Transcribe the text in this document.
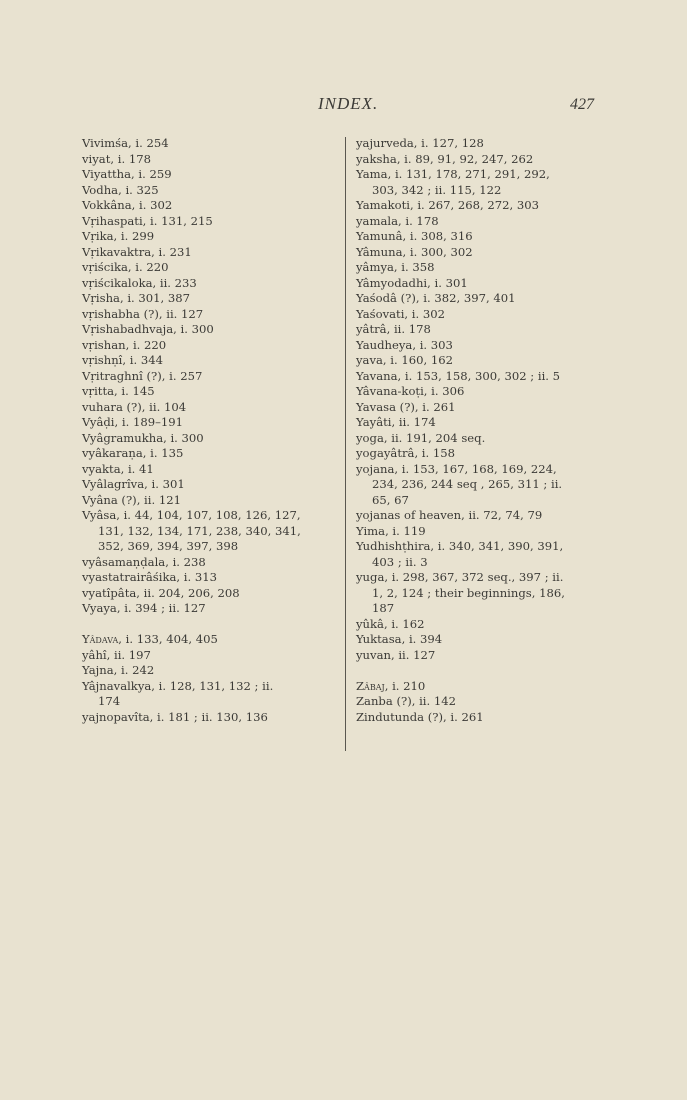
INDEX.	427
Vivimśa, i. 254
viyat, i. 178
Viyattha, i. 259
Vodha, i. 325
Vokkâna, i. 302
Vṛihaspati, i. 131, 215
Vṛika, i. 299
Vṛikavaktra, i. 231
vṛiścika, i. 220
vṛiścikaloka, ii. 233
Vṛisha, i. 301, 387
vṛishabha (?), ii. 127
Vṛishabadhvaja, i. 300
vṛishan, i. 220
vṛishṇî, i. 344
Vṛitraghnî (?), i. 257
vṛitta, i. 145
vuhara (?), ii. 104
Vyâḍi, i. 189–191
Vyâgramukha, i. 300
vyâkaraṇa, i. 135
vyakta, i. 41
Vyâlagrîva, i. 301
Vyâna (?), ii. 121
Vyâsa, i. 44, 104, 107, 108, 126, 127,
131, 132, 134, 171, 238, 340, 341,
352, 369, 394, 397, 398
vyâsamaṇḍala, i. 238
vyastatrairâśika, i. 313
vyatîpâta, ii. 204, 206, 208
Vyaya, i. 394 ; ii. 127
Yâdava, i. 133, 404, 405
yâhî, ii. 197
Yajna, i. 242
Yâjnavalkya, i. 128, 131, 132 ; ii.
174
yajnopavîta, i. 181 ; ii. 130, 136
yajurveda, i. 127, 128
yaksha, i. 89, 91, 92, 247, 262
Yama, i. 131, 178, 271, 291, 292,
303, 342 ; ii. 115, 122
Yamakoti, i. 267, 268, 272, 303
yamala, i. 178
Yamunâ, i. 308, 316
Yâmuna, i. 300, 302
yâmya, i. 358
Yâmyodadhi, i. 301
Yaśodâ (?), i. 382, 397, 401
Yaśovati, i. 302
yâtrâ, ii. 178
Yaudheya, i. 303
yava, i. 160, 162
Yavana, i. 153, 158, 300, 302 ; ii. 5
Yâvana-koṭi, i. 306
Yavasa (?), i. 261
Yayâti, ii. 174
yoga, ii. 191, 204 seq.
yogayâtrâ, i. 158
yojana, i. 153, 167, 168, 169, 224,
234, 236, 244 seq , 265, 311 ; ii.
65, 67
yojanas of heaven, ii. 72, 74, 79
Yima, i. 119
Yudhishṭhira, i. 340, 341, 390, 391,
403 ; ii. 3
yuga, i. 298, 367, 372 seq., 397 ; ii.
1, 2, 124 ; their beginnings, 186,
187
yûkâ, i. 162
Yuktasa, i. 394
yuvan, ii. 127
Zâbaj, i. 210
Zanba (?), ii. 142
Zindutunda (?), i. 261
